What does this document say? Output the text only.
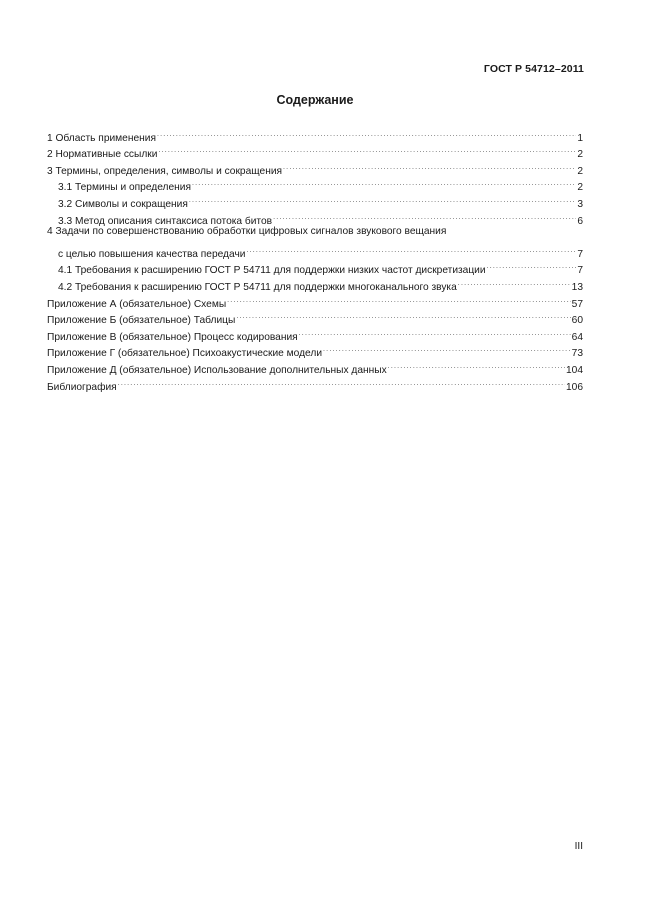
ГОСТ Р 54712–2011
Содержание
1 Область применения .....	1
2 Нормативные ссылки .....	2
3 Термины, определения, символы и сокращения .....	2
3.1 Термины и определения .....	2
3.2 Символы и сокращения .....	3
3.3 Метод описания синтаксиса потока битов .....	6
4 Задачи по совершенствованию обработки цифровых сигналов звукового вещания
с целью повышения качества передачи .....	7
4.1 Требования к расширению ГОСТ Р 54711 для поддержки низких частот дискретизации .....	7
4.2 Требования к расширению ГОСТ Р 54711 для поддержки многоканального звука .....	13
Приложение А (обязательное) Схемы .....	57
Приложение Б (обязательное) Таблицы .....	60
Приложение В (обязательное) Процесс кодирования .....	64
Приложение Г (обязательное) Психоакустические модели .....	73
Приложение Д (обязательное) Использование дополнительных данных .....	104
Библиография .....	106
III
